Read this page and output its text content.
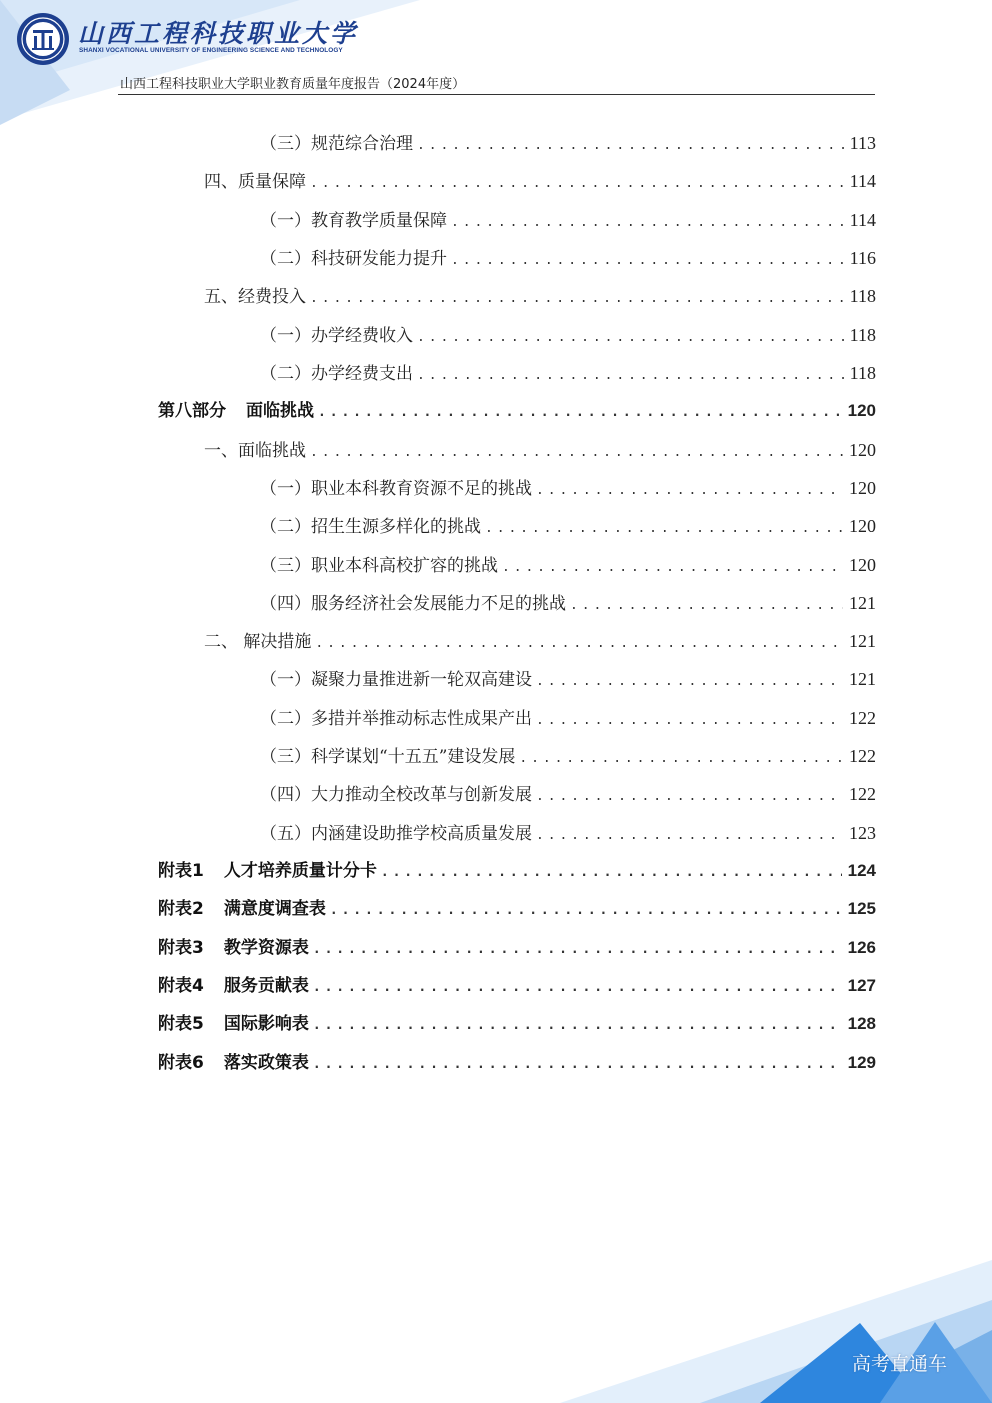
山西工程科技职业大学
SHANXI VOCATIONAL UNIVERSITY OF ENGINEERING SCIENCE AND TECHNOLOGY
山西工程科技职业大学职业教育质量年度报告（2024年度）
（三）规范综合治理 .....	113
四、质量保障 .....	114
（一）教育教学质量保障 .....	114
（二）科技研发能力提升 .....	116
五、经费投入 .....	118
（一）办学经费收入 .....	118
（二）办学经费支出 .....	118
第八部分 面临挑战 .....	120
一、面临挑战 .....	120
（一）职业本科教育资源不足的挑战 .....	120
（二）招生生源多样化的挑战 .....	120
（三）职业本科高校扩容的挑战 .....	120
（四）服务经济社会发展能力不足的挑战 .....	121
二、 解决措施 .....	121
（一）凝聚力量推进新一轮双高建设 .....	121
（二）多措并举推动标志性成果产出 .....	122
（三）科学谋划“十五五”建设发展 .....	122
（四）大力推动全校改革与创新发展 .....	122
（五）内涵建设助推学校高质量发展 .....	123
附表1 人才培养质量计分卡 .....	124
附表2 满意度调查表 .....	125
附表3 教学资源表 .....	126
附表4 服务贡献表 .....	127
附表5 国际影响表 .....	128
附表6 落实政策表 .....	129
高考直通车
